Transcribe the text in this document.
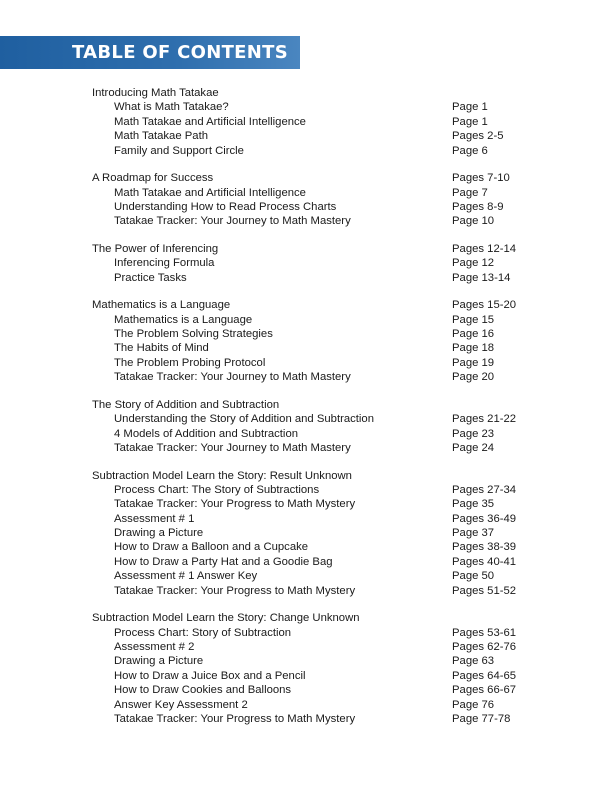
TABLE OF CONTENTS
Introducing Math Tatakae
What is Math Tatakae?	Page 1
Math Tatakae and Artificial Intelligence	Page 1
Math Tatakae Path	Pages 2-5
Family and Support Circle	Page 6
A Roadmap for Success	Pages 7-10
Math Tatakae and Artificial Intelligence	Page 7
Understanding How to Read Process Charts	Pages 8-9
Tatakae Tracker: Your Journey to Math Mastery	Page 10
The Power of Inferencing	Pages 12-14
Inferencing Formula	Page 12
Practice Tasks	Page 13-14
Mathematics is a Language	Pages 15-20
Mathematics is a Language	Page 15
The Problem Solving Strategies	Page 16
The Habits of Mind	Page 18
The Problem Probing Protocol	Page 19
Tatakae Tracker: Your Journey to Math Mastery	Page 20
The Story of Addition and Subtraction
Understanding the Story of Addition and Subtraction	Pages 21-22
4 Models of Addition and Subtraction	Page 23
Tatakae Tracker: Your Journey to Math Mastery	Page 24
Subtraction Model Learn the Story: Result Unknown
Process Chart: The Story of Subtractions	Pages 27-34
Tatakae Tracker: Your Progress to Math Mystery	Page 35
Assessment # 1	Pages 36-49
Drawing a Picture	Page 37
How to Draw a Balloon and a Cupcake	Pages 38-39
How to Draw a Party Hat and a Goodie Bag	Pages 40-41
Assessment # 1 Answer Key	Page 50
Tatakae Tracker: Your Progress to Math Mystery	Pages 51-52
Subtraction Model Learn the Story: Change Unknown
Process Chart: Story of Subtraction	Pages 53-61
Assessment # 2	Pages 62-76
Drawing a Picture	Page 63
How to Draw a Juice Box and a Pencil	Pages 64-65
How to Draw Cookies and Balloons	Pages 66-67
Answer Key Assessment 2	Page 76
Tatakae Tracker: Your Progress to Math Mystery	Page 77-78
